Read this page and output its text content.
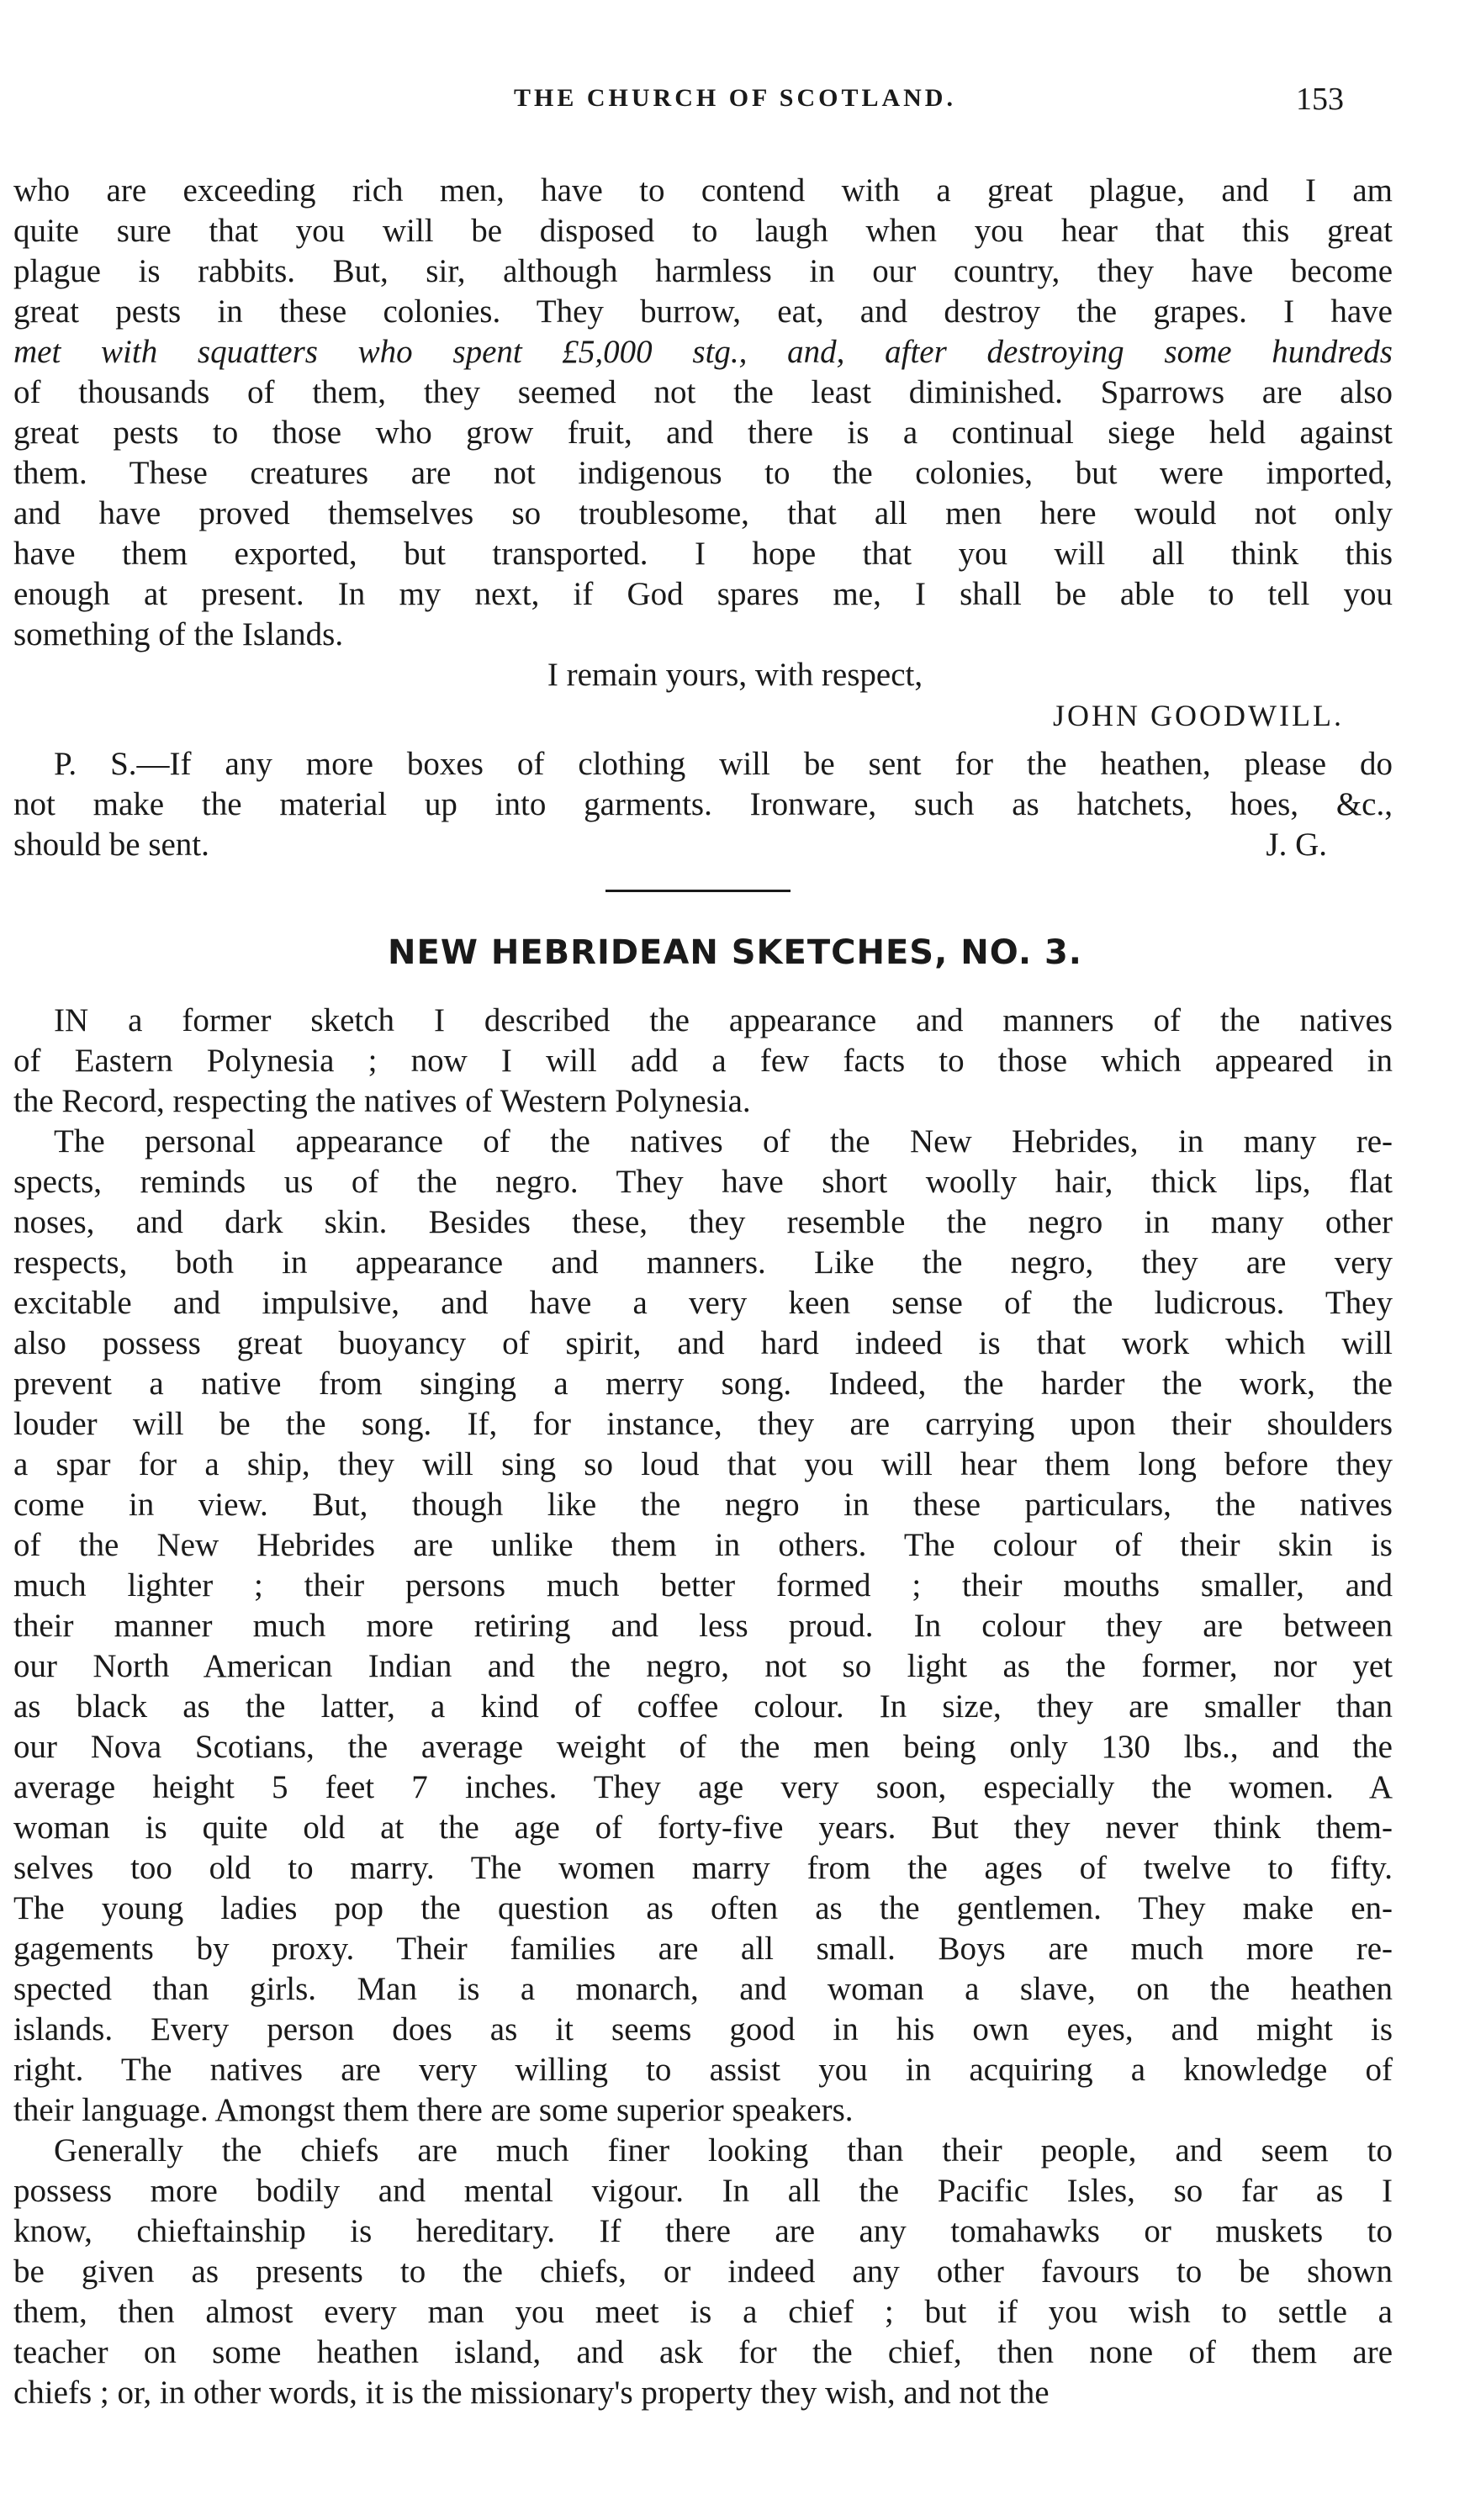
THE CHURCH OF SCOTLAND.	153
who are exceeding rich men, have to contend with a great plague, and I am
quite sure that you will be disposed to laugh when you hear that this great
plague is rabbits. But, sir, although harmless in our country, they have become
great pests in these colonies. They burrow, eat, and destroy the grapes. I have
met with squatters who spent £5,000 stg., and, after destroying some hundreds
of thousands of them, they seemed not the least diminished. Sparrows are also
great pests to those who grow fruit, and there is a continual siege held against
them. These creatures are not indigenous to the colonies, but were imported,
and have proved themselves so troublesome, that all men here would not only
have them exported, but transported. I hope that you will all think this
enough at present. In my next, if God spares me, I shall be able to tell you
something of the Islands.
I remain yours, with respect,
JOHN GOODWILL.
P. S.—If any more boxes of clothing will be sent for the heathen, please do
not make the material up into garments. Ironware, such as hatchets, hoes, &c.,
should be sent.	J. G.
NEW HEBRIDEAN SKETCHES, NO. 3.
IN a former sketch I described the appearance and manners of the natives
of Eastern Polynesia ; now I will add a few facts to those which appeared in
the Record, respecting the natives of Western Polynesia.
The personal appearance of the natives of the New Hebrides, in many re-
spects, reminds us of the negro. They have short woolly hair, thick lips, flat
noses, and dark skin. Besides these, they resemble the negro in many other
respects, both in appearance and manners. Like the negro, they are very
excitable and impulsive, and have a very keen sense of the ludicrous. They
also possess great buoyancy of spirit, and hard indeed is that work which will
prevent a native from singing a merry song. Indeed, the harder the work, the
louder will be the song. If, for instance, they are carrying upon their shoulders
a spar for a ship, they will sing so loud that you will hear them long before they
come in view. But, though like the negro in these particulars, the natives
of the New Hebrides are unlike them in others. The colour of their skin is
much lighter ; their persons much better formed ; their mouths smaller, and
their manner much more retiring and less proud. In colour they are between
our North American Indian and the negro, not so light as the former, nor yet
as black as the latter, a kind of coffee colour. In size, they are smaller than
our Nova Scotians, the average weight of the men being only 130 lbs., and the
average height 5 feet 7 inches. They age very soon, especially the women. A
woman is quite old at the age of forty-five years. But they never think them-
selves too old to marry. The women marry from the ages of twelve to fifty.
The young ladies pop the question as often as the gentlemen. They make en-
gagements by proxy. Their families are all small. Boys are much more re-
spected than girls. Man is a monarch, and woman a slave, on the heathen
islands. Every person does as it seems good in his own eyes, and might is
right. The natives are very willing to assist you in acquiring a knowledge of
their language. Amongst them there are some superior speakers.
Generally the chiefs are much finer looking than their people, and seem to
possess more bodily and mental vigour. In all the Pacific Isles, so far as I
know, chieftainship is hereditary. If there are any tomahawks or muskets to
be given as presents to the chiefs, or indeed any other favours to be shown
them, then almost every man you meet is a chief ; but if you wish to settle a
teacher on some heathen island, and ask for the chief, then none of them are
chiefs ; or, in other words, it is the missionary's property they wish, and not the
